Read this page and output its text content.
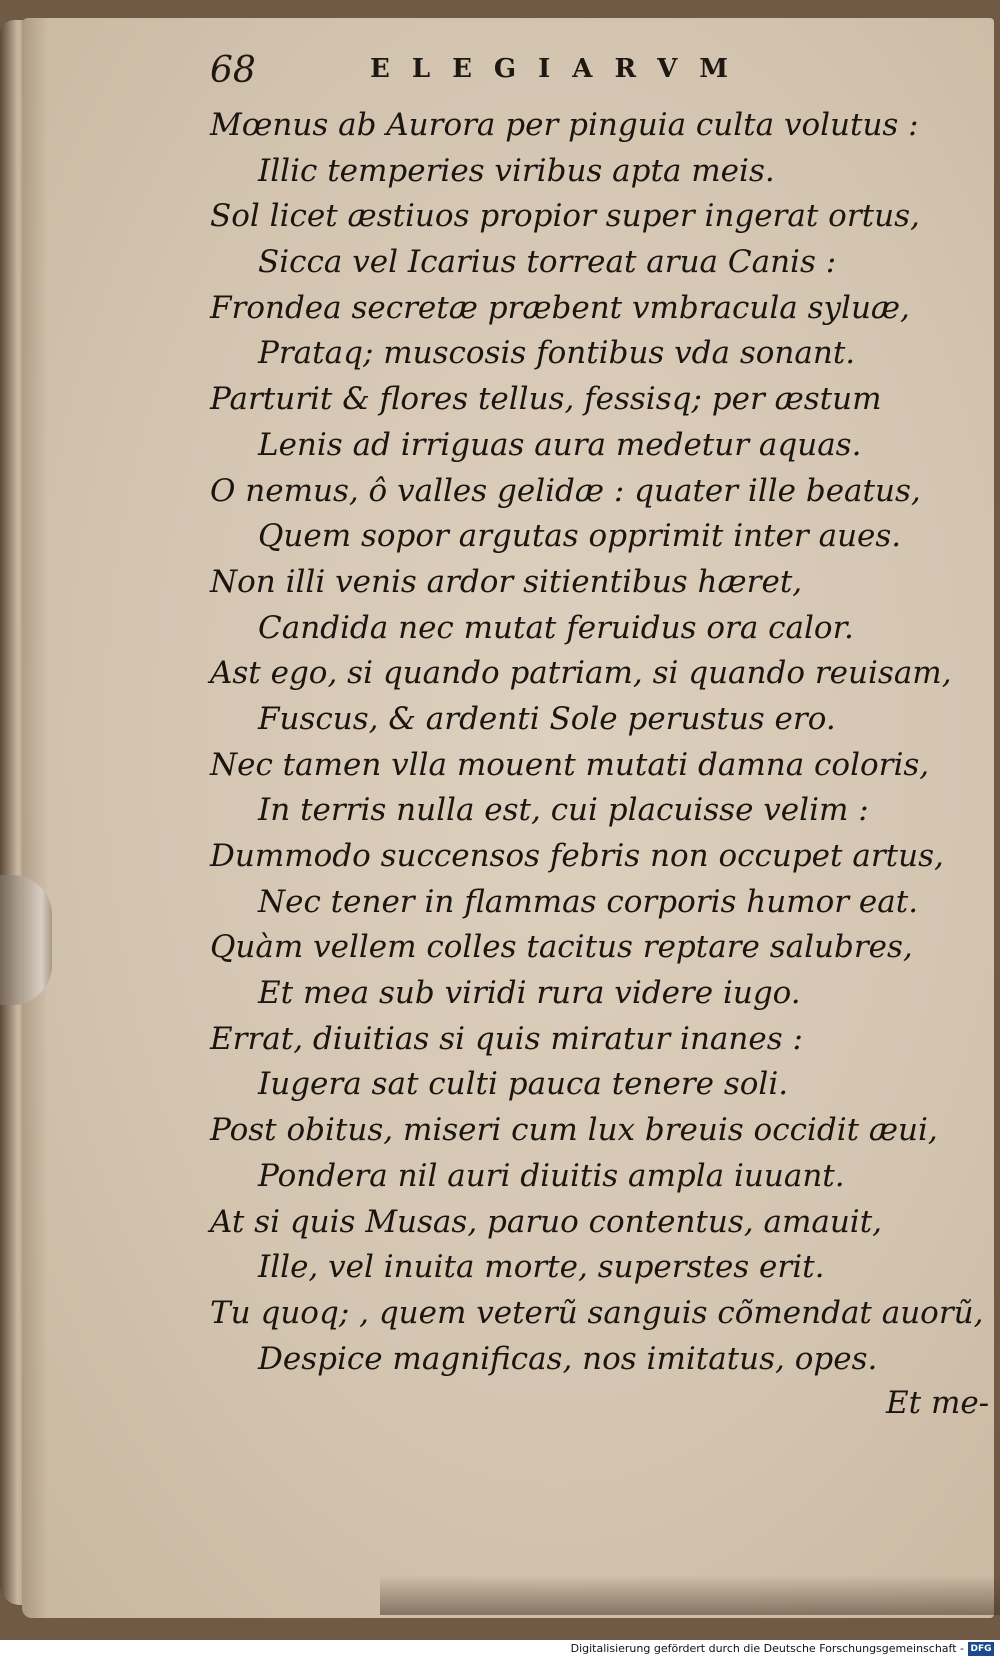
68	ELEGIARVM
Mœnus ab Aurora per pinguia culta volutus :
Illic temperies viribus apta meis.
Sol licet æstiuos propior super ingerat ortus,
Sicca vel Icarius torreat arua Canis :
Frondea secretæ præbent vmbracula syluæ,
Prataq; muscosis fontibus vda sonant.
Parturit & flores tellus, fessisq; per æstum
Lenis ad irriguas aura medetur aquas.
O nemus, ô valles gelidæ : quater ille beatus,
Quem sopor argutas opprimit inter aues.
Non illi venis ardor sitientibus hæret,
Candida nec mutat feruidus ora calor.
Ast ego, si quando patriam, si quando reuisam,
Fuscus, & ardenti Sole perustus ero.
Nec tamen vlla mouent mutati damna coloris,
In terris nulla est, cui placuisse velim :
Dummodo succensos febris non occupet artus,
Nec tener in flammas corporis humor eat.
Quàm vellem colles tacitus reptare salubres,
Et mea sub viridi rura videre iugo.
Errat, diuitias si quis miratur inanes :
Iugera sat culti pauca tenere soli.
Post obitus, miseri cum lux breuis occidit æui,
Pondera nil auri diuitis ampla iuuant.
At si quis Musas, paruo contentus, amauit,
Ille, vel inuita morte, superstes erit.
Tu quoq; , quem veterũ sanguis cõmendat auorũ,
Despice magnificas, nos imitatus, opes.
Et me-
Digitalisierung gefördert durch die Deutsche Forschungsgemeinschaft - DFG
